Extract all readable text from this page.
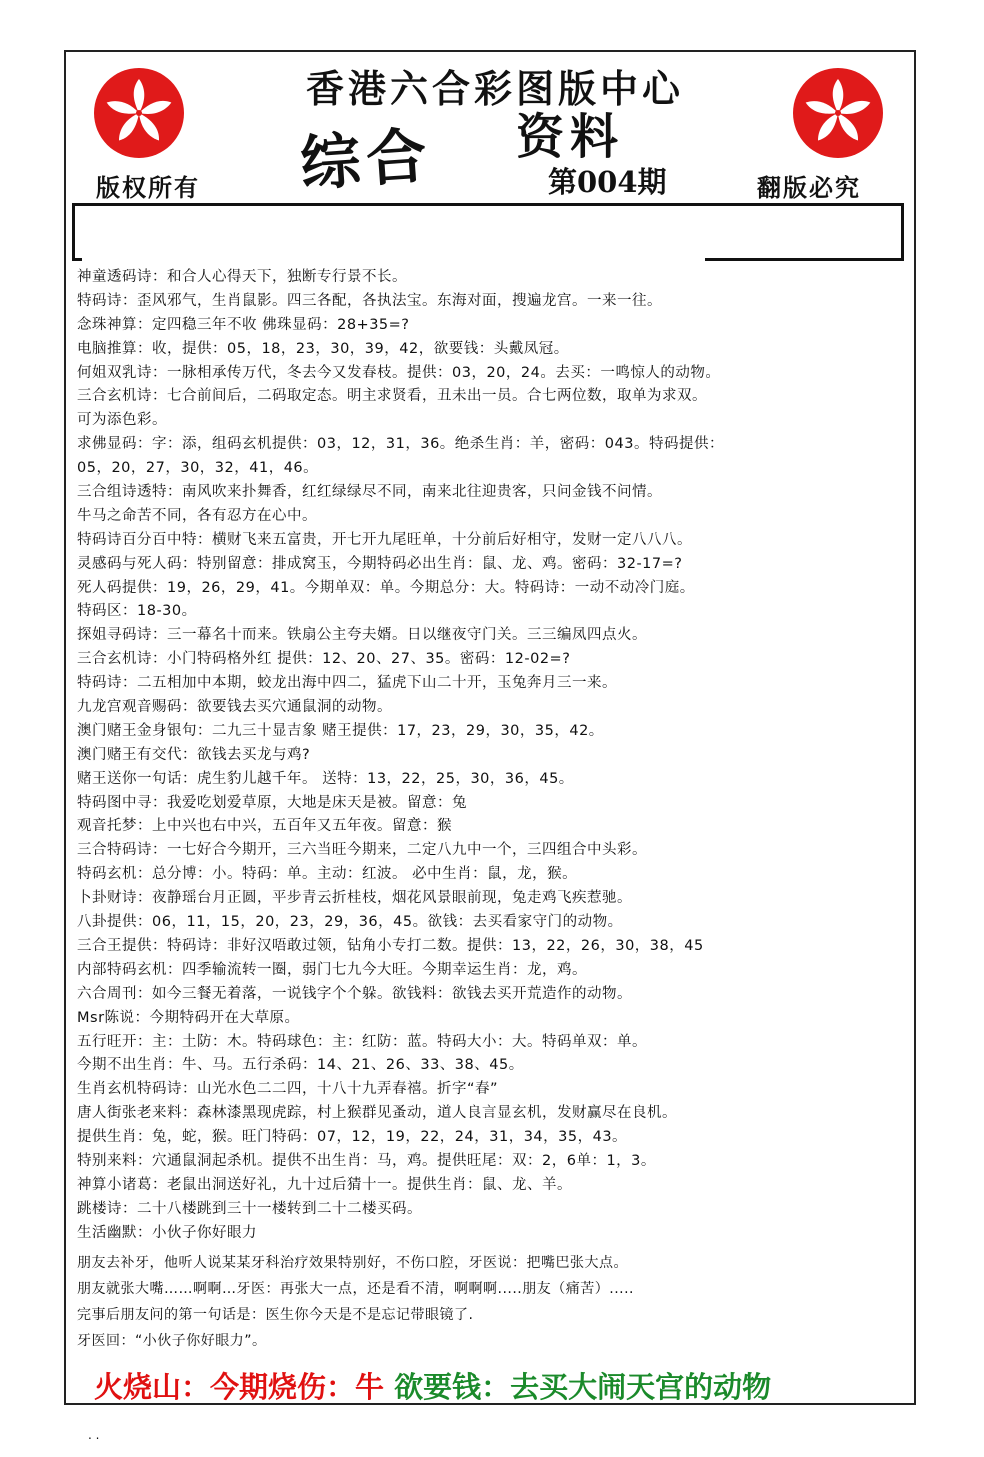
香港六合彩图版中心
综合	资料
第004期
版权所有	翻版必究
神童透码诗：和合人心得天下，独断专行景不长。
特码诗：歪风邪气，生肖鼠影。四三各配，各执法宝。东海对面，搜遍龙宫。一来一往。
念珠神算：定四稳三年不收 佛珠显码：28+35=?
电脑推算：收，提供：05，18，23，30，39，42，欲要钱：头戴凤冠。
何姐双乳诗：一脉相承传万代，冬去今又发春枝。提供：03，20，24。去买：一鸣惊人的动物。
三合玄机诗：七合前间后，二码取定态。明主求贤看，丑未出一员。合七两位数，取单为求双。
可为添色彩。
求佛显码：字：添，组码玄机提供：03，12，31，36。绝杀生肖：羊，密码：043。特码提供：
05，20，27，30，32，41，46。
三合组诗透特：南风吹来扑舞香，红红绿绿尽不同，南来北往迎贵客，只问金钱不问情。
牛马之命苦不同，各有忍方在心中。
特码诗百分百中特：横财飞来五富贵，开七开九尾旺单，十分前后好相守，发财一定八八八。
灵感码与死人码：特别留意：排成窝玉，今期特码必出生肖：鼠、龙、鸡。密码：32-17=?
死人码提供：19，26，29，41。今期单双：单。今期总分：大。特码诗：一动不动冷门庭。
特码区：18-30。
探姐寻码诗：三一幕名十而来。铁扇公主夸夫婿。日以继夜守门关。三三编凤四点火。
三合玄机诗：小门特码格外红 提供：12、20、27、35。密码：12-02=?
特码诗：二五相加中本期，蛟龙出海中四二，猛虎下山二十开，玉兔奔月三一来。
九龙宫观音赐码：欲要钱去买穴通鼠洞的动物。
澳门赌王金身银句：二九三十显吉象 赌王提供：17，23，29，30，35，42。
澳门赌王有交代：欲钱去买龙与鸡?
赌王送你一句话：虎生豹儿越千年。 送特：13，22，25，30，36，45。
特码图中寻：我爱吃划爱草原，大地是床天是被。留意：兔
观音托梦：上中兴也右中兴，五百年又五年夜。留意：猴
三合特码诗：一七好合今期开，三六当旺今期来，二定八九中一个，三四组合中头彩。
特码玄机：总分博：小。特码：单。主动：红波。 必中生肖：鼠，龙，猴。
卜卦财诗：夜静瑶台月正圆，平步青云折桂枝，烟花风景眼前现，兔走鸡飞疾惹驰。
八卦提供：06，11，15，20，23，29，36，45。欲钱：去买看家守门的动物。
三合王提供：特码诗：非好汉唔敢过领，钻角小专打二数。提供：13，22，26，30，38，45
内部特码玄机：四季输流转一圈，弱门七九今大旺。今期幸运生肖：龙，鸡。
六合周刊：如今三餐无着落，一说钱字个个躲。欲钱料：欲钱去买开荒造作的动物。
Msr陈说：今期特码开在大草原。
五行旺开：主：土防：木。特码球色：主：红防：蓝。特码大小：大。特码单双：单。
今期不出生肖：牛、马。五行杀码：14、21、26、33、38、45。
生肖玄机特码诗：山光水色二二四，十八十九弄春禧。折字“春”
唐人街张老来料：森林漆黑现虎踪，村上猴群见蚤动，道人良言显玄机，发财赢尽在良机。
提供生肖：兔，蛇，猴。旺门特码：07，12，19，22，24，31，34，35，43。
特别来料：穴通鼠洞起杀机。提供不出生肖：马，鸡。提供旺尾：双：2，6单：1，3。
神算小诸葛：老鼠出洞送好礼，九十过后猜十一。提供生肖：鼠、龙、羊。
跳楼诗：二十八楼跳到三十一楼转到二十二楼买码。
生活幽默：小伙子你好眼力
朋友去补牙，他听人说某某牙科治疗效果特别好，不伤口腔，牙医说：把嘴巴张大点。
朋友就张大嘴……啊啊…牙医：再张大一点，还是看不清，啊啊啊.....朋友（痛苦）.....
完事后朋友问的第一句话是：医生你今天是不是忘记带眼镜了.
牙医回：“小伙子你好眼力”。
火烧山：今期烧伤：牛 欲要钱：去买大闹天宫的动物
. .
